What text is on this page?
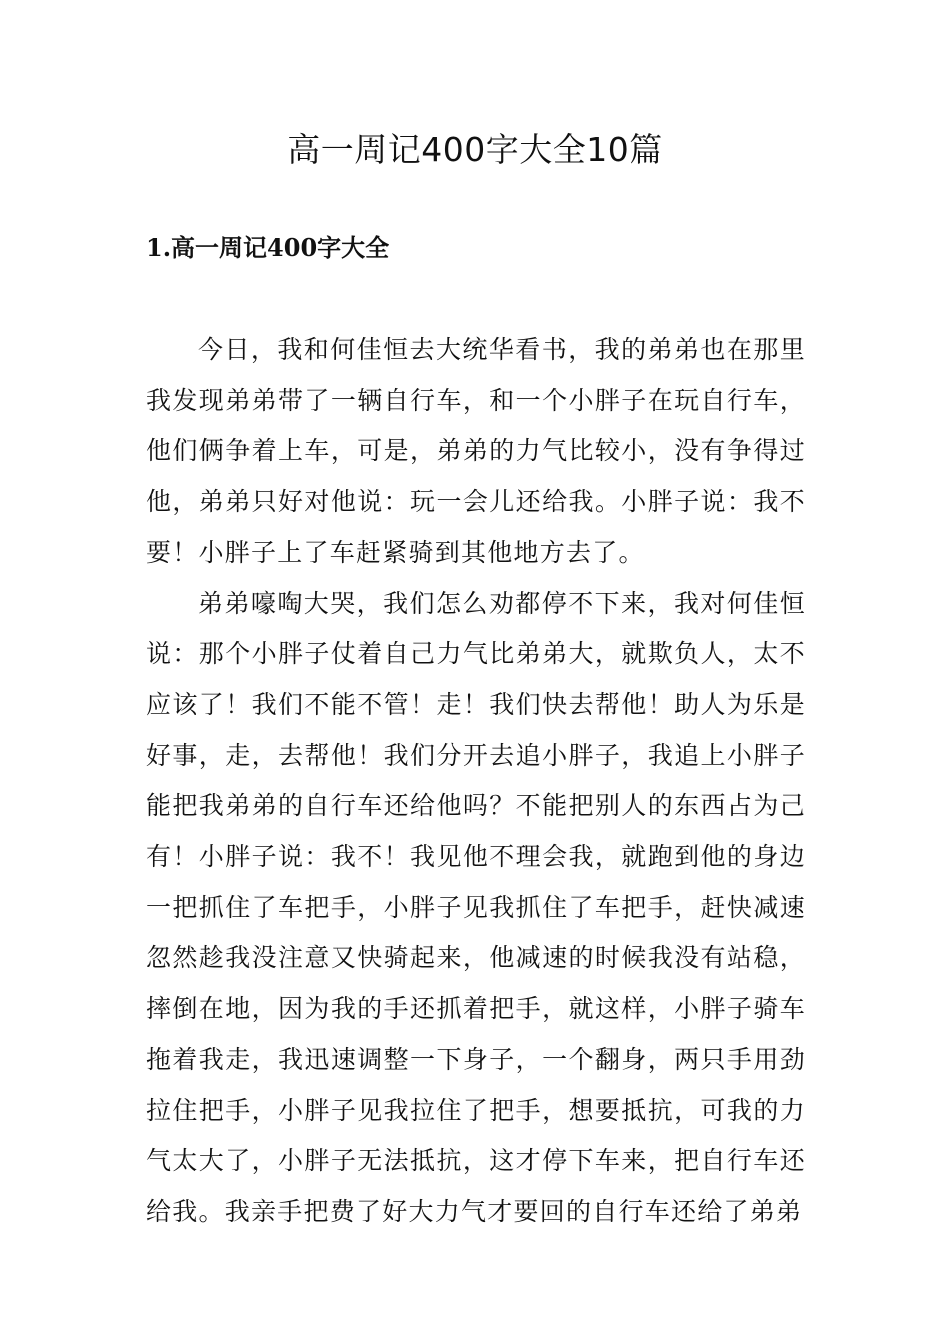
高一周记400字大全10篇
1.高一周记400字大全

今日，我和何佳恒去大统华看书，我的弟弟也在那里我发现弟弟带了一辆自行车，和一个小胖子在玩自行车，他们俩争着上车，可是，弟弟的力气比较小，没有争得过他，弟弟只好对他说：玩一会儿还给我。小胖子说：我不要！小胖子上了车赶紧骑到其他地方去了。

弟弟嚎啕大哭，我们怎么劝都停不下来，我对何佳恒说：那个小胖子仗着自己力气比弟弟大，就欺负人，太不应该了！我们不能不管！走！我们快去帮他！助人为乐是好事，走，去帮他！我们分开去追小胖子，我追上小胖子能把我弟弟的自行车还给他吗？不能把别人的东西占为己有！小胖子说：我不！我见他不理会我，就跑到他的身边一把抓住了车把手，小胖子见我抓住了车把手，赶快减速忽然趁我没注意又快骑起来，他减速的时候我没有站稳，摔倒在地，因为我的手还抓着把手，就这样，小胖子骑车拖着我走，我迅速调整一下身子，一个翻身，两只手用劲拉住把手，小胖子见我拉住了把手，想要抵抗，可我的力气太大了，小胖子无法抵抗，这才停下车来，把自行车还给我。我亲手把费了好大力气才要回的自行车还给了弟弟
